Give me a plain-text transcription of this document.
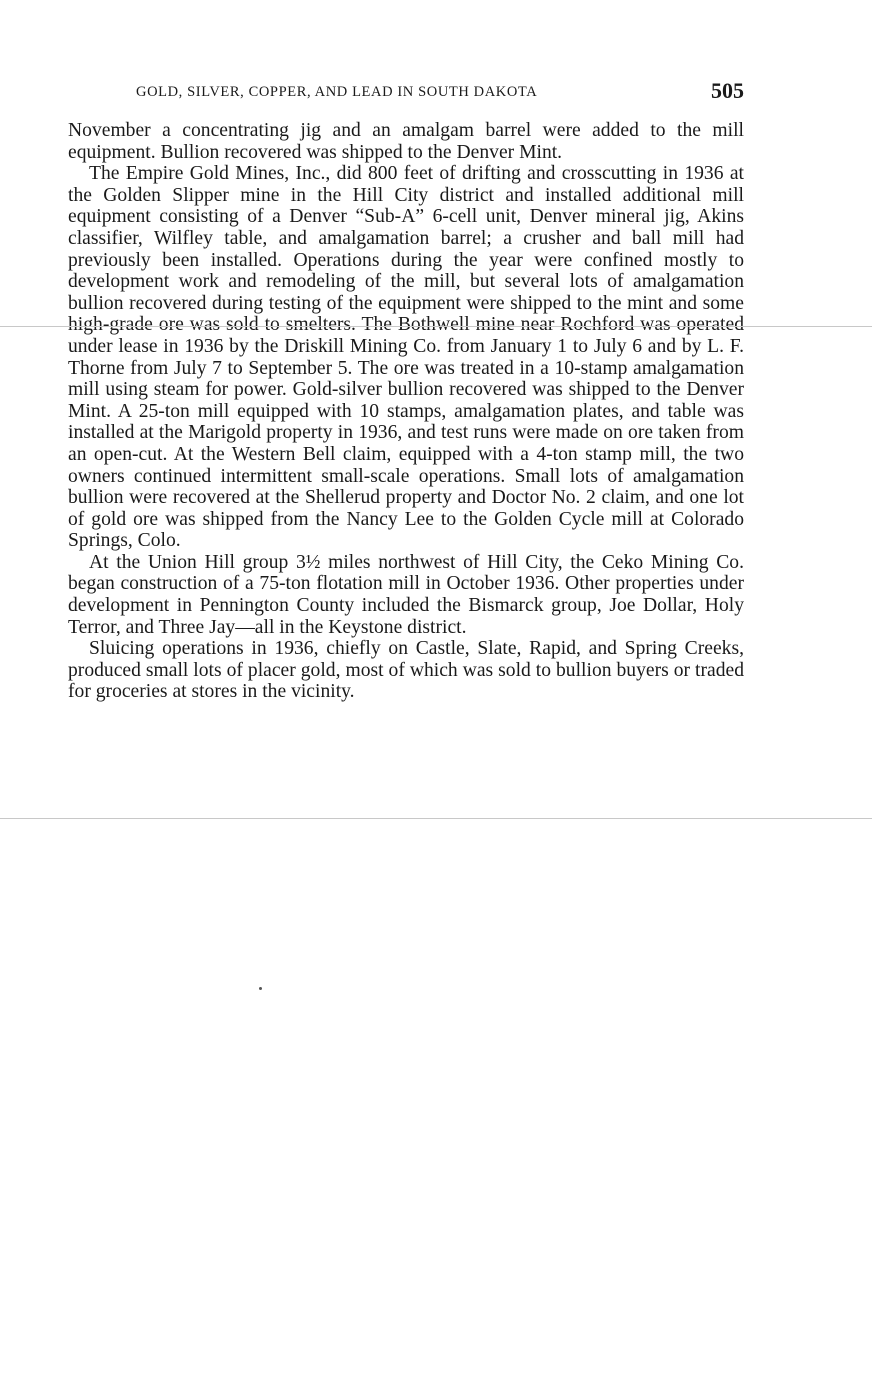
GOLD, SILVER, COPPER, AND LEAD IN SOUTH DAKOTA	505

November a concentrating jig and an amalgam barrel were added to the mill equipment. Bullion recovered was shipped to the Denver Mint.

The Empire Gold Mines, Inc., did 800 feet of drifting and crosscutting in 1936 at the Golden Slipper mine in the Hill City district and installed additional mill equipment consisting of a Denver “Sub-A” 6-cell unit, Denver mineral jig, Akins classifier, Wilfley table, and amalgamation barrel; a crusher and ball mill had previously been installed. Operations during the year were confined mostly to development work and remodeling of the mill, but several lots of amalgamation bullion recovered during testing of the equipment were shipped to the mint and some high-grade ore was sold to smelters. The Bothwell mine near Rochford was operated under lease in 1936 by the Driskill Mining Co. from January 1 to July 6 and by L. F. Thorne from July 7 to September 5. The ore was treated in a 10-stamp amalgamation mill using steam for power. Gold-silver bullion recovered was shipped to the Denver Mint. A 25-ton mill equipped with 10 stamps, amalgamation plates, and table was installed at the Marigold property in 1936, and test runs were made on ore taken from an open-cut. At the Western Bell claim, equipped with a 4-ton stamp mill, the two owners continued intermittent small-scale operations. Small lots of amalgamation bullion were recovered at the Shellerud property and Doctor No. 2 claim, and one lot of gold ore was shipped from the Nancy Lee to the Golden Cycle mill at Colorado Springs, Colo.

At the Union Hill group 3½ miles northwest of Hill City, the Ceko Mining Co. began construction of a 75-ton flotation mill in October 1936. Other properties under development in Pennington County included the Bismarck group, Joe Dollar, Holy Terror, and Three Jay—all in the Keystone district.

Sluicing operations in 1936, chiefly on Castle, Slate, Rapid, and Spring Creeks, produced small lots of placer gold, most of which was sold to bullion buyers or traded for groceries at stores in the vicinity.
